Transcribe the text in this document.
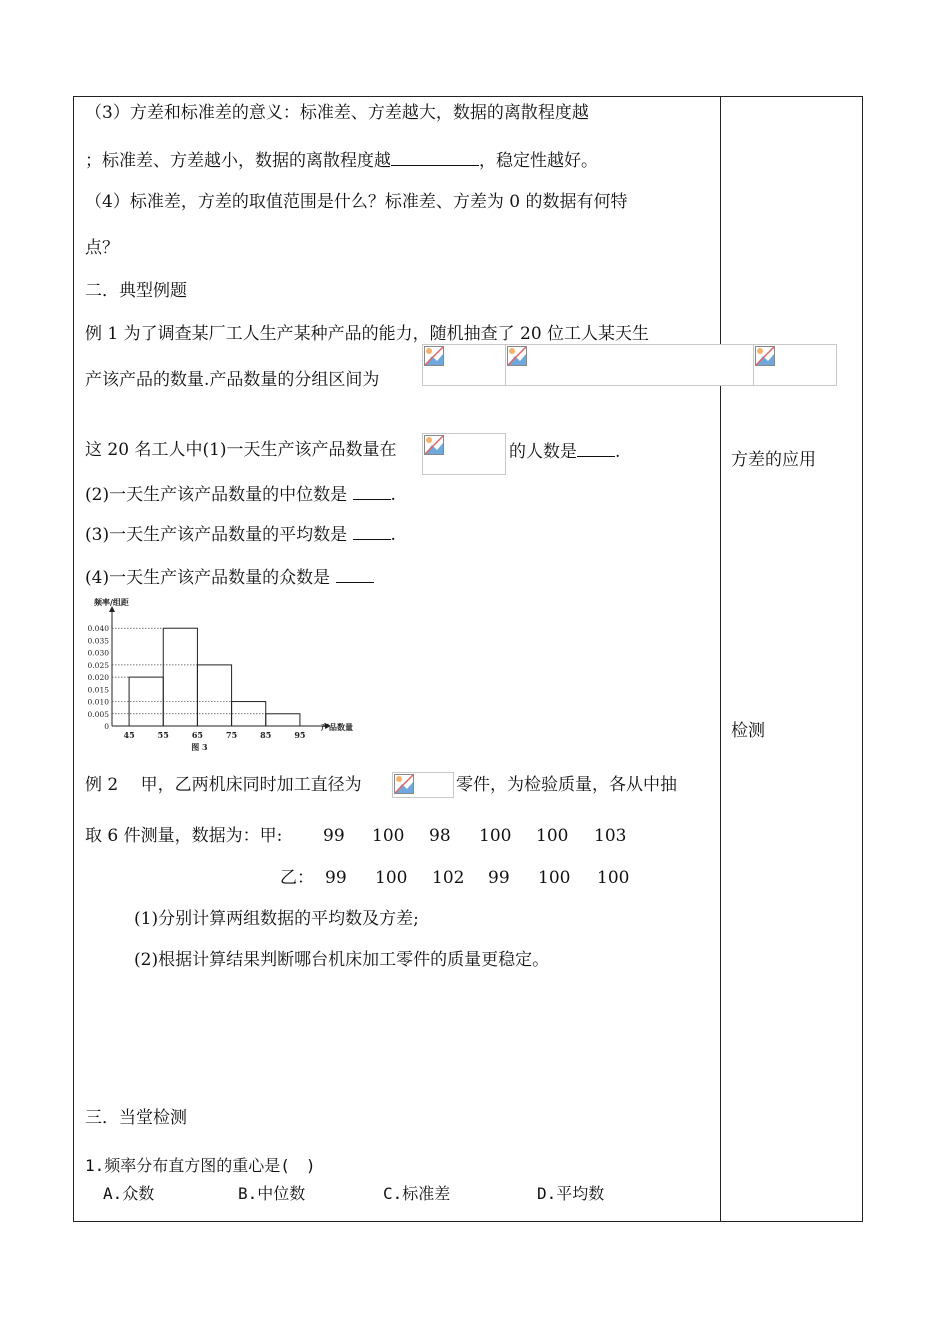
（3）方差和标准差的意义：标准差、方差越大，数据的离散程度越
；标准差、方差越小，数据的离散程度越	，稳定性越好。
（4）标准差，方差的取值范围是什么？标准差、方差为 0 的数据有何特
点？
二．典型例题
例 1 为了调查某厂工人生产某种产品的能力，随机抽查了 20 位工人某天生
产该产品的数量.产品数量的分组区间为
这 20 名工人中(1)一天生产该产品数量在	的人数是 .
(2)一天生产该产品数量的中位数是	.
(3)一天生产该产品数量的平均数是	.
(4)一天生产该产品数量的众数是
频率/组距
产品数量
0
0.005
0.010
0.015
0.020
0.025
0.030
0.035
0.040
45	55	65	75	85	95
图 3
例 2　 甲，乙两机床同时加工直径为	零件，为检验质量，各从中抽
取 6 件测量，数据为：甲: 99 100 98 100 100 103
乙： 99 100 102 99 100 100
(1)分别计算两组数据的平均数及方差;
(2)根据计算结果判断哪台机床加工零件的质量更稳定。
三．当堂检测
1.频率分布直方图的重心是(　)
A.众数	B.中位数	C.标准差	D.平均数
方差的应用
检测
